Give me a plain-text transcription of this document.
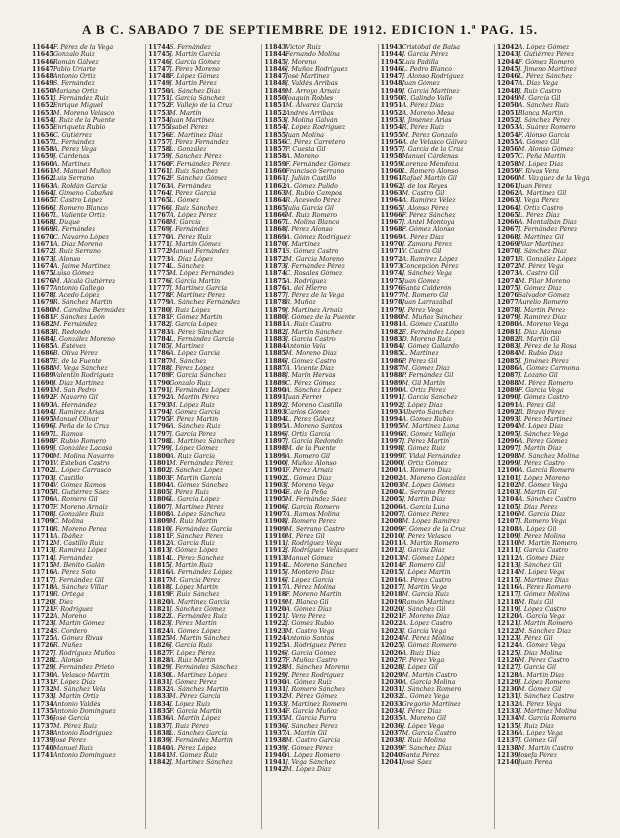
A B C. SABADO 7 DE SEPTIEMBRE DE 1912. EDICION 1.ª PAG. 15.
11644 F. Pérez de la Vega
11645 Gonzalo Ruiz
11646 Román Gálvez
11647 Pablo Uriarte
11648 Antonio Ortiz
11649 S. Fernández
11650 Mariano Ortiz
11651 J. Fernández Ruiz
11652 Enrique Miguel
11653 M. Moreno Velasco
11654 J. Ruiz de la Puente
11655 Enriqueta Rubio
11656 C. Gutiérrez
11657 L. Fernández
11658 A. Pérez Vega
11659 J. Cárdenas
11660 A. Martínez
11661 M. Manuel Muñoz
11662 Luis Serrano
11663 A. Roldán García
11664 J. Gimeno Cabañas
11665 T. Castro López
11666 J. Romero Blanco
11667 L. Valiente Ortiz
11668 J. Duque
11669 R. Fernández
11670 C. Navarro López
11671 A. Díaz Moreno
11672 J. Ruiz Serrano
11673 J. Alonso
11674 A. Jaime Martínez
11675 Luisa Gómez
11676 M. Alcalá Gutiérrez
11677 Antonio Gallego
11678 J. Acedo López
11679 R. Sánchez Martín
11680 M. Carolina Bermúdez
11681 F. Sánchez León
11682 M. Fernández
11683 R. Redondo
11684 J. González Moreno
11685 A. Estévez
11686 B. Oliva Pérez
11687 E. de la Fuente
11688 M. Vega Sánchez
11689 Valentín Rodríguez
11690 J. Díaz Martínez
11691 M. San Pedro
11692 F. Navarro Gil
11693 A. Hernández
11694 J. Ramírez Arias
11695 Manuel Olivar
11696 J. Peña de la Cruz
11697 L. Ramos
11698 F. Rubio Romero
11699 J. González Lacasa
11700 M. Molina Navarro
11701 V. Esteban Castro
11702 L. López Carrasco
11703 J. Castillo
11704 V. Gómez Ramos
11705 R. Gutiérrez Sáez
11706 A. Romero Gil
11707 F. Moreno Arnaiz
11708 J. González Ruiz
11709 C. Molina
11710 R. Moreno Perea
11711 A. Ibáñez
11712 M. Castillo Ruiz
11713 J. Ramírez López
11714 J. Fernández
11715 M. Benito Galán
11716 A. Pérez Soto
11717 J. Fernández Gil
11718 A. Sánchez Villar
11719 R. Ortega
11720 J. Díez
11721 F. Rodríguez
11722 A. Moreno
11723 J. Martín Gómez
11724 S. Cordero
11725 A. Gómez Rivas
11726 R. Núñez
11727 J. Rodríguez Muñoz
11728 L. Alonso
11729 J. Fernández Prieto
11730 A. Velasco Martín
11731 F. López Díaz
11732 M. Sánchez Vela
11733 J. Martín Ortiz
11734 Antonio Valdés
11735 Antonio Domínguez
11736 José García
11737 M. Pérez Ruiz
11738 Antonio Rodríguez
11739 José Pérez
11740 Manuel Ruiz
11741 Antonio Domínguez
11744 S. Fernández
11745 J. Martín García
11746 J. García Gómez
11747 J. Pérez Moreno
11748 F. López Gómez
11749 J. Martín Pérez
11750 A. Sánchez Díaz
11751 J. García Sánchez
11752 F. Vallejo de la Cruz
11753 M. Martín
11754 Juan Martínez
11755 Isabel Pérez
11756 E. Martínez Díaz
11757 J. Pérez Fernández
11758 L. González
11759 J. Sánchez Pérez
11760 F. Fernández Pérez
11761 J. Ruiz Sánchez
11762 F. Sánchez Gómez
11763 A. Fernández
11764 J. Pérez García
11765 L. Gómez
11766 J. Ruiz Sánchez
11767 A. López Pérez
11768 M. García
11769 J. Fernández
11770 A. Pérez Ruiz
11771 J. Martín Gómez
11772 Manuel Fernández
11773 A. Díaz López
11774 L. Sánchez
11775 M. López Fernández
11776 J. García Martín
11777 J. Martínez García
11778 F. Martínez Pérez
11779 A. Sánchez Fernández
11780 J. Ruiz López
11781 F. Gómez Martín
11782 J. García López
11783 A. Pérez Sánchez
11784 L. Fernández García
11785 J. Martínez
11786 A. López García
11787 M. Sánchez
11788 J. Pérez López
11789 F. García Sánchez
11790 Gonzalo Ruiz
11791 J. Fernández López
11792 A. Martín Pérez
11793 M. López Ruiz
11794 J. Gómez García
11795 F. Pérez Martín
11796 A. Sánchez Ruiz
11797 J. García Pérez
11798 L. Martínez Sánchez
11799 J. López Gómez
11800 A. Ruiz García
11801 M. Fernández Pérez
11802 J. Sánchez López
11803 F. Martín García
11804 A. Gómez Sánchez
11805 J. Pérez Ruiz
11806 L. García López
11807 J. Martínez Pérez
11808 A. López Sánchez
11809 M. Ruiz Martín
11810 J. Fernández García
11811 F. Sánchez Pérez
11812 A. García Ruiz
11813 J. Gómez López
11814 L. Pérez Sánchez
11815 J. Martín Ruiz
11816 A. Fernández López
11817 M. García Pérez
11818 J. López Martín
11819 F. Ruiz Sánchez
11820 A. Martínez García
11821 J. Sánchez Gómez
11822 L. Fernández Ruiz
11823 J. Pérez Martín
11824 A. Gómez López
11825 M. Martín Sánchez
11826 J. García Ruiz
11827 F. López Pérez
11828 A. Ruiz Martín
11829 J. Fernández Sánchez
11830 L. Martínez López
11831 J. Gómez Pérez
11832 A. Sánchez Martín
11833 M. Pérez García
11834 J. López Ruiz
11835 F. García Martín
11836 A. Martín López
11837 J. Ruiz Pérez
11838 L. Sánchez García
11839 J. Fernández Martín
11840 A. Pérez López
11841 M. Gómez Ruiz
11842 J. Martínez Sánchez
11843 Víctor Ruiz
11844 Fernando Molina
11845 J. Moreno
11846 J. Muñoz Rodríguez
11847 José Martínez
11848 J. Valdés Arribas
11849 M. Arroyo Arnaiz
11850 Joaquín Robles
11851 M. Alvarez García
11852 Andrés Arribas
11853 J. Molina Galván
11854 J. López Rodríguez
11855 Juan Molina
11856 C. Pérez Carretero
11857 P. Cuesta Gil
11858 A. Moreno
11859 F. Fernández Gómez
11860 Francisco Serrano
11861 J. Julián Castillo
11862 A. Gómez Pulido
11863 M. Rubio Campos
11864 R. Acevedo Pérez
11865 Julia García Gil
11866 M. Ruiz Romero
11867 L. Molina Blanco
11868 J. Pérez Alonso
11869 A. Gómez Rodríguez
11870 J. Martínez
11871 S. Gómez Castro
11872 M. García Moreno
11873 J. Fernández Pérez
11874 C. Rosales Gómez
11875 A. Rodríguez
11876 A. del Hierro
11877 J. Pérez de la Vega
11878 R. Muñoz
11879 J. Martínez Arnaiz
11880 J. Gómez de la Puente
11881 A. Ruiz Castro
11882 J. Martín Sánchez
11883 J. García Castro
11884 Antonio Vela
11885 M. Moreno Díaz
11886 J. Gómez Castro
11887 A. Vicente Díaz
11888 J. Marín Hervás
11889 C. Pérez Gómez
11890 A. Sánchez López
11891 Juan Ferrer
11892 J. Moreno Castillo
11893 Carlos Gómez
11894 L. Pérez Gálvez
11895 A. Moreno Santos
11896 J. Ortiz García
11897 J. García Redondo
11898 M. de la Puente
11899 A. Romero Gil
11900 J. Muñoz Alonso
11901 F. Pérez Arnaiz
11902 L. Gómez Díaz
11903 J. Moreno Vega
11904 E. de la Peña
11905 M. Fernández Sáez
11906 J. García Romero
11907 A. Ramos Molina
11908 J. Romero Pérez
11909 M. Serrano Castro
11910 M. Pérez Gil
11911 J. Rodríguez Vega
11912 J. Rodríguez Velázquez
11913 Manuel Gómez
11914 L. Moreno Sánchez
11915 J. Montero Díaz
11916 J. López García
11917 A. Pérez Molina
11918 F. Moreno Martín
11919 M. Blanco Gil
11920 A. Gómez Díaz
11921 J. Vera Pérez
11922 J. Gómez Rubio
11923 M. Castro Vega
11924 Antonio Santos
11925 A. Rodríguez Pérez
11926 J. García Gómez
11927 F. Muñoz Castro
11928 M. Sánchez Moreno
11929 J. Pérez Rodríguez
11930 A. Gómez Ruiz
11931 J. Romero Sánchez
11932 M. Pérez Gómez
11933 J. Martínez Romero
11934 F. García Muñoz
11935 M. García Parra
11936 J. Sánchez Pérez
11937 A. Martín Gil
11938 M. Castro García
11939 J. Gómez Pérez
11940 A. López Romero
11941 J. Vega Sánchez
11942 M. López Díaz
11943 Cristóbal de Balsa
11944 J. García Pérez
11945 Luis Padilla
11946 L. Pedro Blanco
11947 J. Alonso Rodríguez
11948 Juan Gómez
11949 J. García Martínez
11950 R. Galindo Valle
11951 A. Pérez Díaz
11952 A. Moreno Mesa
11953 J. Jiménez Arias
11954 R. Pérez Ruiz
11955 M. Pérez Gonzalo
11956 A. de Velasco Gálvez
11957 J. García de la Cruz
11958 Manuel Cárdenas
11959 Lorenzo Mendoza
11960 L. Romero Alonso
11961 Rafael Martín Gil
11962 J. de los Reyes
11963 M. Castro Gil
11964 A. Ramírez Vélez
11965 J. Alonso Pérez
11966 F. Pérez Sánchez
11967 J. Antel Montoya
11968 F. Gómez Alonso
11969 A. Pérez Díaz
11970 J. Zamora Pérez
11971 V. Castro Gil
11972 A. Ramírez López
11973 Concepción Pérez
11974 J. Sánchez Vega
11975 Juan Gómez
11976 Santa Calderón
11977 M. Romero Gil
11978 Juan Larrazábal
11979 J. Pérez Vega
11980 M. Muñoz Sánchez
11981 A. Gómez Castillo
11982 E. Fernández López
11983 D. Moreno Ruiz
11984 J. Gómez Gallardo
11985 L. Martínez
11986 P. Pérez Gil
11987 M. Gómez Díaz
11988 P. Fernández Gil
11989 M. Gil Martín
11990 A. Ortiz Pérez
11991 J. García Sánchez
11992 J. López Díaz
11993 Alberto Sánchez
11994 A. Gómez Rubio
11995 M. Martínez Luna
11996 R. Gómez Vallejo
11997 J. Pérez Martín
11998 J. Gómez Ruiz
11999 T. Vidal Fernández
12000 J. Ortiz Gómez
12001 A. Romero Díaz
12002 A. Moreno González
12003 M. López Gómez
12004 L. Serrano Pérez
12005 J. Martín Díaz
12006 A. García Luna
12007 J. Gómez Pérez
12008 M. López Ramírez
12009 F. Gómez de la Cruz
12010 J. Pérez Velasco
12011 A. Martín Romero
12012 J. García Díaz
12013 M. Gómez López
12014 F. Romero Gil
12015 J. López Martín
12016 A. Pérez Castro
12017 J. Martín Vega
12018 M. García Ruiz
12019 Ramón Martínez
12020 J. Sánchez Gil
12021 F. Moreno Díaz
12022 A. López Castro
12023 J. García Vega
12024 M. Pérez Molina
12025 J. Gómez Romero
12026 A. Ruiz Díaz
12027 F. Pérez Vega
12028 J. López Gil
12029 M. Martín Castro
12030 A. García Molina
12031 J. Sánchez Romero
12032 L. Gómez Vega
12033 Gregorio Martínez
12034 J. Pérez Díaz
12035 A. Moreno Gil
12036 J. López Vega
12037 M. García Castro
12038 J. Ruiz Molina
12039 F. Sánchez Díaz
12040 Santa Pérez
12041 José Sáez
12042 A. López Gómez
12043 J. Gutiérrez Pérez
12044 F. Gómez Romero
12045 J. Jimeno Martínez
12046 L. Pérez Sánchez
12047 A. Díaz Vega
12048 J. Ruiz Castro
12049 M. García Gil
12050 A. Sánchez Ruiz
12051 Blanca Martín
12052 J. Sánchez Pérez
12053 A. Suárez Romero
12054 F. Alonso García
12055 A. Gómez Gil
12056 M. Alonso Gómez
12057 C. Peña Martín
12058 M. López Díaz
12059 F. Rivas Vera
12060 M. Vázquez de la Vega
12061 Juan Pérez
12062 A. Martínez Gil
12063 J. Vega Pérez
12064 J. Ortiz Castro
12065 L. Pérez Díaz
12066 A. Montalbán Díaz
12067 J. Fernández Pérez
12068 J. Martínez Gil
12069 Pilar Martínez
12070 J. Sánchez Díaz
12071 R. González López
12072 M. Pérez Vega
12073 A. Castro Gil
12074 M. Pilar Moreno
12075 J. Gómez Díaz
12076 Salvador Gómez
12077 Aurelio Romero
12078 J. Martín Pérez
12079 J. Ramírez Díaz
12080 A. Moreno Vega
12081 J. Díaz Alonso
12082 R. Martín Gil
12083 J. Pérez de la Rosa
12084 M. Rubio Díaz
12085 J. Jiménez Pérez
12086 A. Gómez Carmona
12087 J. Lozano Gil
12088 M. Pérez Romero
12089 F. García Vega
12090 J. Gómez Castro
12091 A. Pérez Gil
12092 R. Bravo Pérez
12093 J. Pérez Martínez
12094 M. López Díaz
12095 J. Sánchez Vega
12096 A. Pérez Gómez
12097 J. Martín Díaz
12098 M. Sánchez Molina
12099 J. Pérez Castro
12100 A. García Romero
12101 J. López Moreno
12102 M. Gómez Vega
12103 J. Martín Gil
12104 A. Sánchez Castro
12105 J. Díaz Pérez
12106 M. García Díaz
12107 J. Romero Vega
12108 A. López Gil
12109 J. Pérez Molina
12110 M. Martín Romero
12111 J. García Castro
12112 A. Gómez Díaz
12113 J. Sánchez Gil
12114 M. López Vega
12115 J. Martínez Díaz
12116 A. Pérez Romero
12117 J. Gómez Molina
12118 M. Ruiz Gil
12119 J. López Castro
12120 A. García Vega
12121 J. Martín Romero
12122 M. Sánchez Díaz
12123 J. Pérez Gil
12124 A. Gómez Vega
12125 J. Díaz Molina
12126 M. Pérez Castro
12127 J. García Gil
12128 A. Martín Díaz
12129 J. López Romero
12130 M. Gómez Gil
12131 J. Sánchez Castro
12132 A. Pérez Vega
12133 J. Martínez Molina
12134 M. García Romero
12135 J. Ruiz Díaz
12136 A. López Vega
12137 J. Gómez Gil
12138 M. Martín Castro
12139 Josefa Pérez
12140 Juan Perea
